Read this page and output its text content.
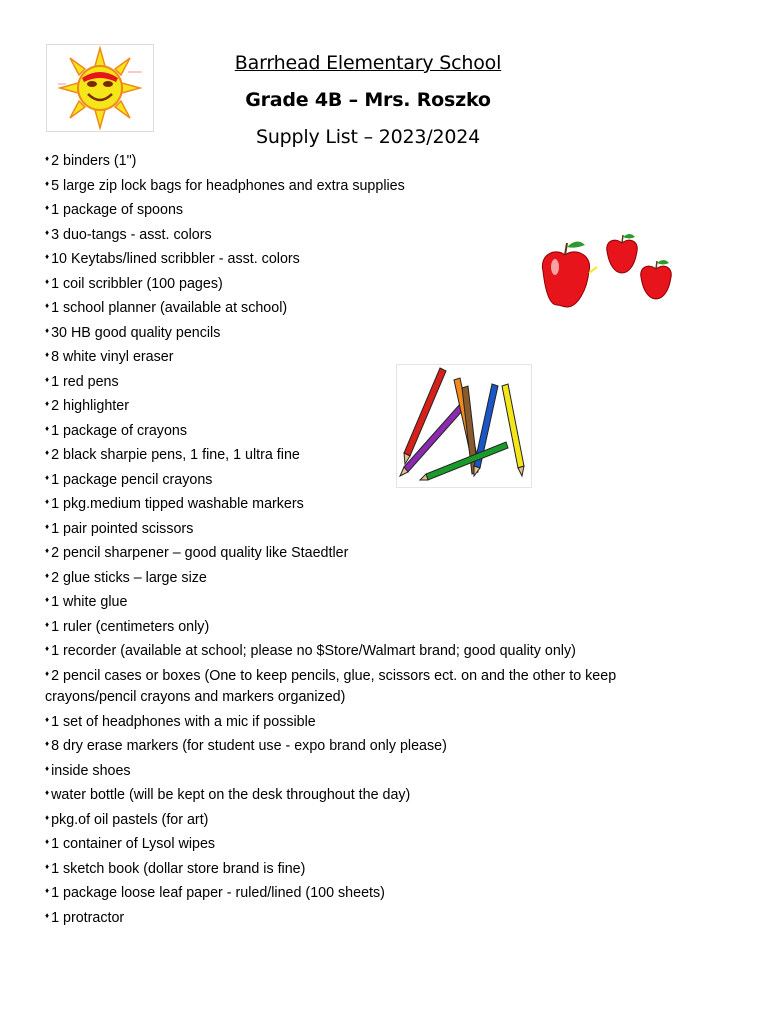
Barrhead Elementary School
Grade 4B – Mrs. Roszko
Supply List – 2023/2024
♦ 2 binders (1")
♦ 5 large zip lock bags for headphones and extra supplies
♦ 1 package of spoons
♦ 3 duo-tangs - asst. colors
♦ 10 Keytabs/lined scribbler - asst. colors
♦ 1 coil scribbler (100 pages)
♦ 1 school planner (available at school)
♦ 30 HB good quality pencils
♦ 8 white vinyl eraser
♦ 1 red pens
♦ 2 highlighter
♦ 1 package of crayons
♦ 2 black sharpie pens, 1 fine, 1 ultra fine
♦ 1 package pencil crayons
♦ 1 pkg.medium tipped washable markers
♦ 1 pair pointed scissors
♦ 2 pencil sharpener – good quality like Staedtler
♦ 2 glue sticks – large size
♦ 1 white glue
♦ 1 ruler (centimeters only)
♦ 1 recorder (available at school; please no $Store/Walmart brand; good quality only)
♦ 2 pencil cases or boxes (One to keep pencils, glue, scissors ect. on and the other to keep crayons/pencil crayons and markers organized)
♦ 1 set of headphones with a mic if possible
♦ 8 dry erase markers (for student use - expo brand only please)
♦ inside shoes
♦ water bottle (will be kept on the desk throughout the day)
♦ pkg.of oil pastels (for art)
♦ 1 container of Lysol wipes
♦ 1 sketch book (dollar store brand is fine)
♦ 1 package loose leaf paper - ruled/lined (100 sheets)
♦ 1 protractor
